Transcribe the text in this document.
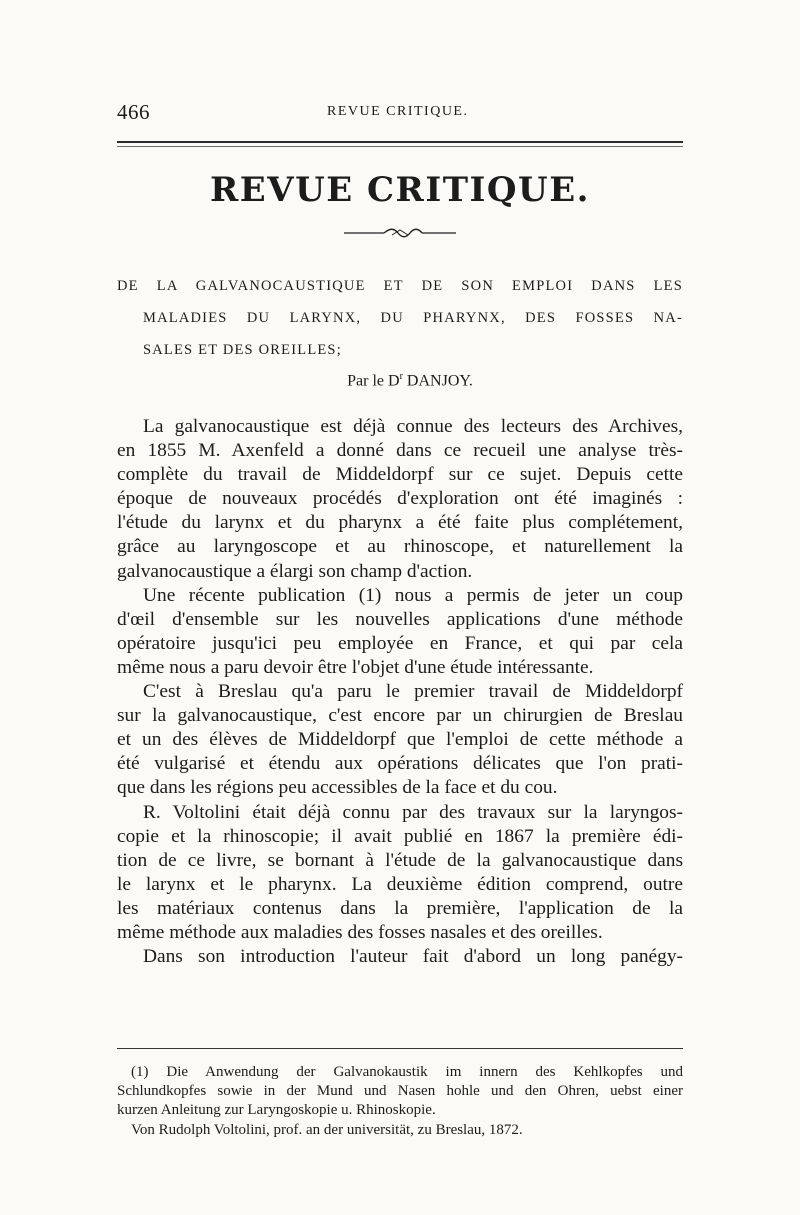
466	REVUE CRITIQUE.
REVUE CRITIQUE.
DE LA GALVANOCAUSTIQUE ET DE SON EMPLOI DANS LES
MALADIES DU LARYNX, DU PHARYNX, DES FOSSES NA-
SALES ET DES OREILLES;
Par le $D^r$ DANJOY.
La galvanocaustique est déjà connue des lecteurs des Archives,
en 1855 M. Axenfeld a donné dans ce recueil une analyse très-
complète du travail de Middeldorpf sur ce sujet. Depuis cette
époque de nouveaux procédés d'exploration ont été imaginés :
l'étude du larynx et du pharynx a été faite plus complétement,
grâce au laryngoscope et au rhinoscope, et naturellement la
galvanocaustique a élargi son champ d'action.
Une récente publication (1) nous a permis de jeter un coup
d'œil d'ensemble sur les nouvelles applications d'une méthode
opératoire jusqu'ici peu employée en France, et qui par cela
même nous a paru devoir être l'objet d'une étude intéressante.
C'est à Breslau qu'a paru le premier travail de Middeldorpf
sur la galvanocaustique, c'est encore par un chirurgien de Breslau
et un des élèves de Middeldorpf que l'emploi de cette méthode a
été vulgarisé et étendu aux opérations délicates que l'on prati-
que dans les régions peu accessibles de la face et du cou.
R. Voltolini était déjà connu par des travaux sur la laryngos-
copie et la rhinoscopie; il avait publié en 1867 la première édi-
tion de ce livre, se bornant à l'étude de la galvanocaustique dans
le larynx et le pharynx. La deuxième édition comprend, outre
les matériaux contenus dans la première, l'application de la
même méthode aux maladies des fosses nasales et des oreilles.
Dans son introduction l'auteur fait d'abord un long panégy-
(1) Die Anwendung der Galvanokaustik im innern des Kehlkopfes und
Schlundkopfes sowie in der Mund und Nasen hohle und den Ohren, uebst einer
kurzen Anleitung zur Laryngoskopie u. Rhinoskopie.
Von Rudolph Voltolini, prof. an der universität, zu Breslau, 1872.
